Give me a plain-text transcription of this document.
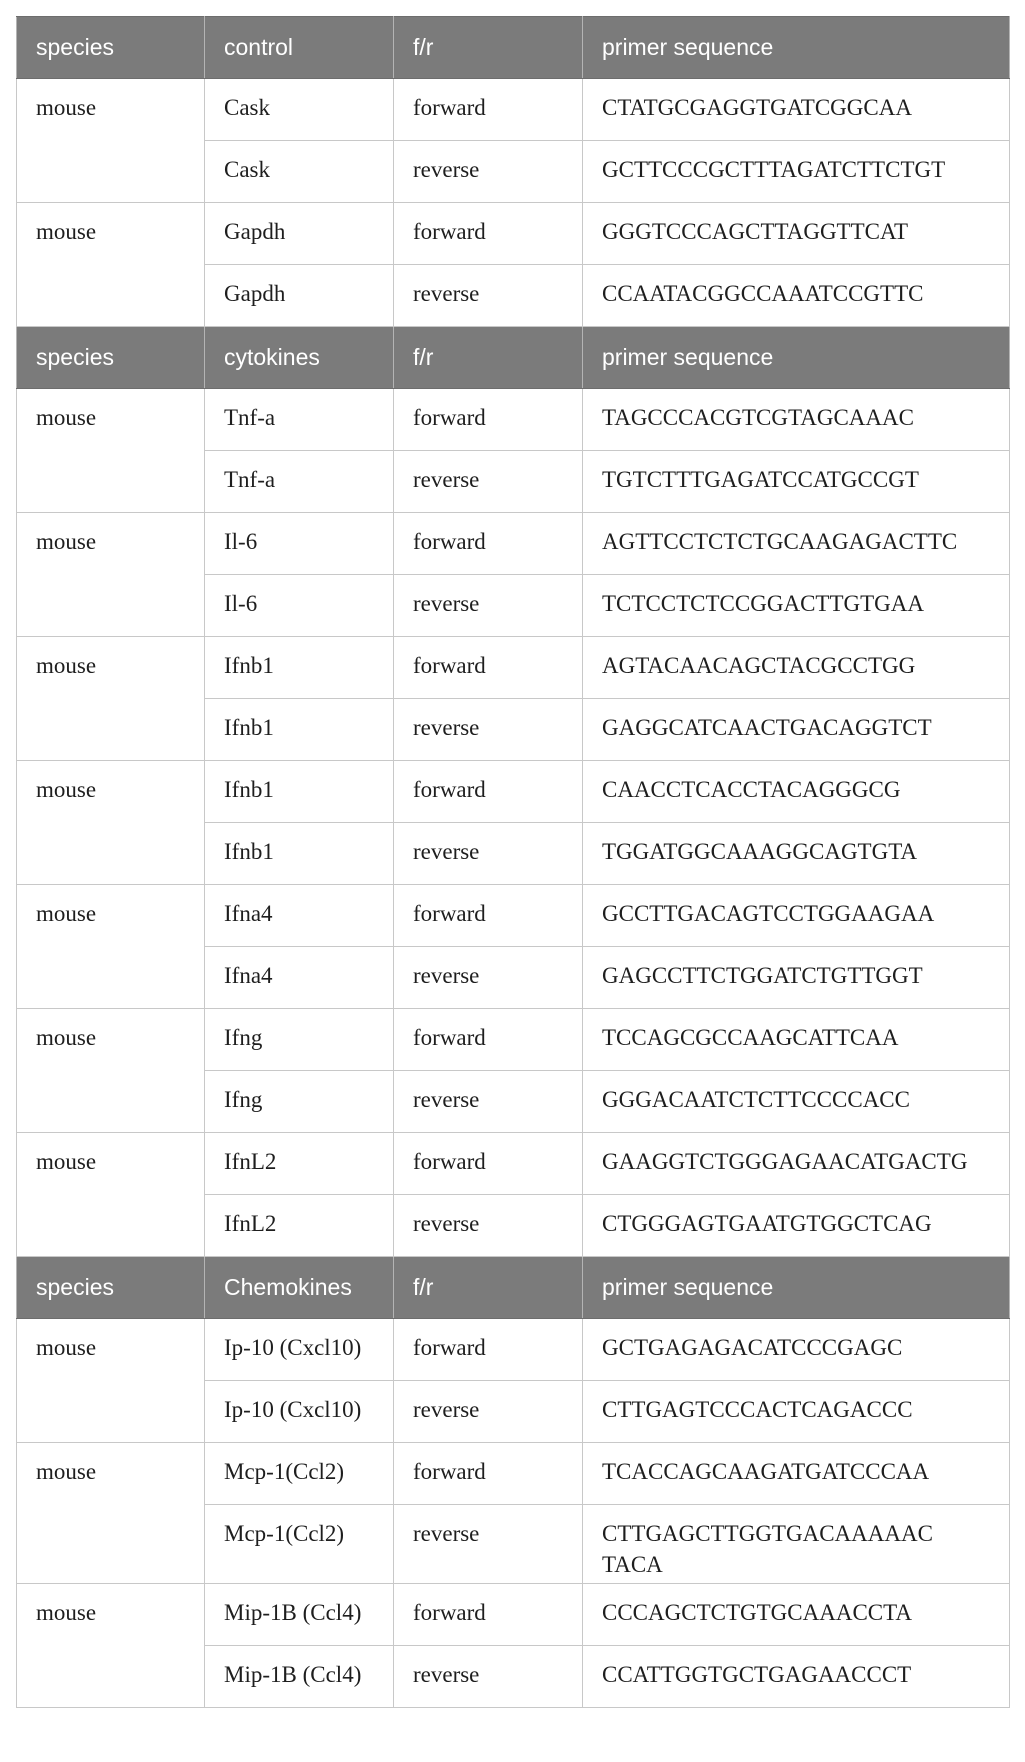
species	control	f/r	primer sequence
mouse	Cask	forward	CTATGCGAGGTGATCGGCAA
	Cask	reverse	GCTTCCCGCTTTAGATCTTCTGT
mouse	Gapdh	forward	GGGTCCCAGCTTAGGTTCAT
	Gapdh	reverse	CCAATACGGCCAAATCCGTTC
species	cytokines	f/r	primer sequence
mouse	Tnf-a	forward	TAGCCCACGTCGTAGCAAAC
	Tnf-a	reverse	TGTCTTTGAGATCCATGCCGT
mouse	Il-6	forward	AGTTCCTCTCTGCAAGAGACTTC
	Il-6	reverse	TCTCCTCTCCGGACTTGTGAA
mouse	Ifnb1	forward	AGTACAACAGCTACGCCTGG
	Ifnb1	reverse	GAGGCATCAACTGACAGGTCT
mouse	Ifnb1	forward	CAACCTCACCTACAGGGCG
	Ifnb1	reverse	TGGATGGCAAAGGCAGTGTA
mouse	Ifna4	forward	GCCTTGACAGTCCTGGAAGAA
	Ifna4	reverse	GAGCCTTCTGGATCTGTTGGT
mouse	Ifng	forward	TCCAGCGCCAAGCATTCAA
	Ifng	reverse	GGGACAATCTCTTCCCCACC
mouse	IfnL2	forward	GAAGGTCTGGGAGAACATGACTG
	IfnL2	reverse	CTGGGAGTGAATGTGGCTCAG
species	Chemokines	f/r	primer sequence
mouse	Ip-10 (Cxcl10)	forward	GCTGAGAGACATCCCGAGC
	Ip-10 (Cxcl10)	reverse	CTTGAGTCCCACTCAGACCC
mouse	Mcp-1(Ccl2)	forward	TCACCAGCAAGATGATCCCAA
	Mcp-1(Ccl2)	reverse	CTTGAGCTTGGTGACAAAAAC TACA
mouse	Mip-1B (Ccl4)	forward	CCCAGCTCTGTGCAAACCTA
	Mip-1B (Ccl4)	reverse	CCATTGGTGCTGAGAACCCT
